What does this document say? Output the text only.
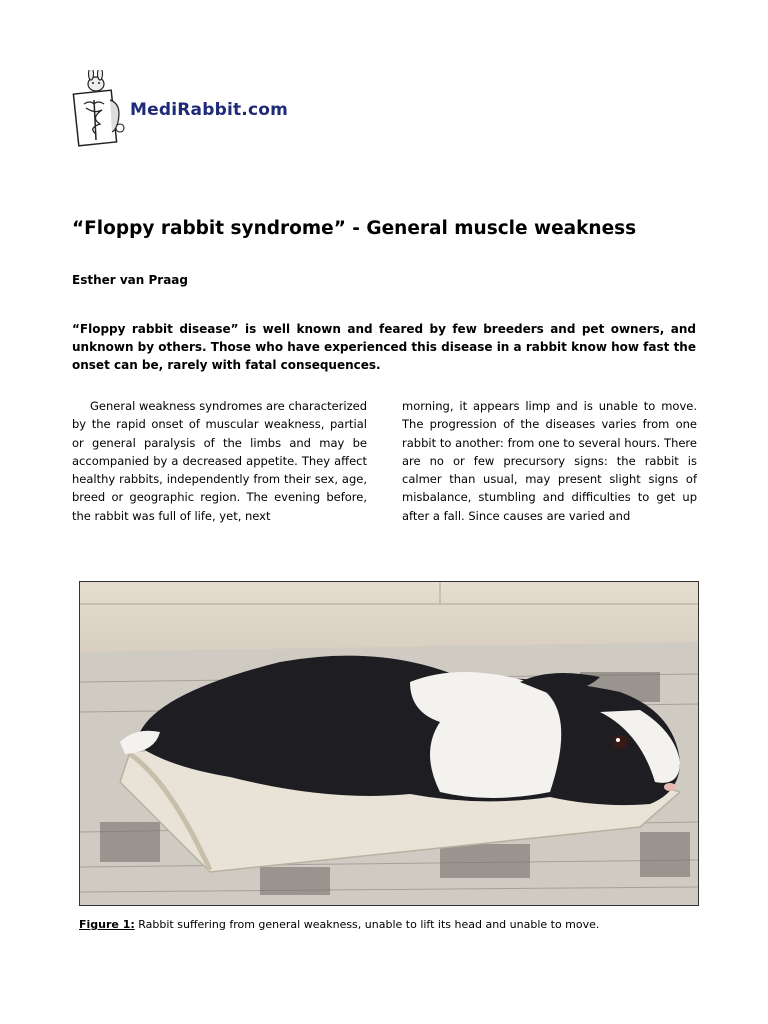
MediRabbit.com
“Floppy rabbit syndrome” - General muscle weakness
Esther van Praag

“Floppy rabbit disease” is well known and feared by few breeders and pet owners, and unknown by others. Those who have experienced this disease in a rabbit know how fast the onset can be, rarely with fatal consequences.

General weakness syndromes are characterized by the rapid onset of muscular weakness, partial or general paralysis of the limbs and may be accompanied by a decreased appetite. They affect healthy rabbits, independently from their sex, age, breed or geographic region. The evening before, the rabbit was full of life, yet, next

morning, it appears limp and is unable to move. The progression of the diseases varies from one rabbit to another: from one to several hours. There are no or few precursory signs: the rabbit is calmer than usual, may present slight signs of misbalance, stumbling and difficulties to get up after a fall. Since causes are varied and

Figure 1: Rabbit suffering from general weakness, unable to lift its head and unable to move.
